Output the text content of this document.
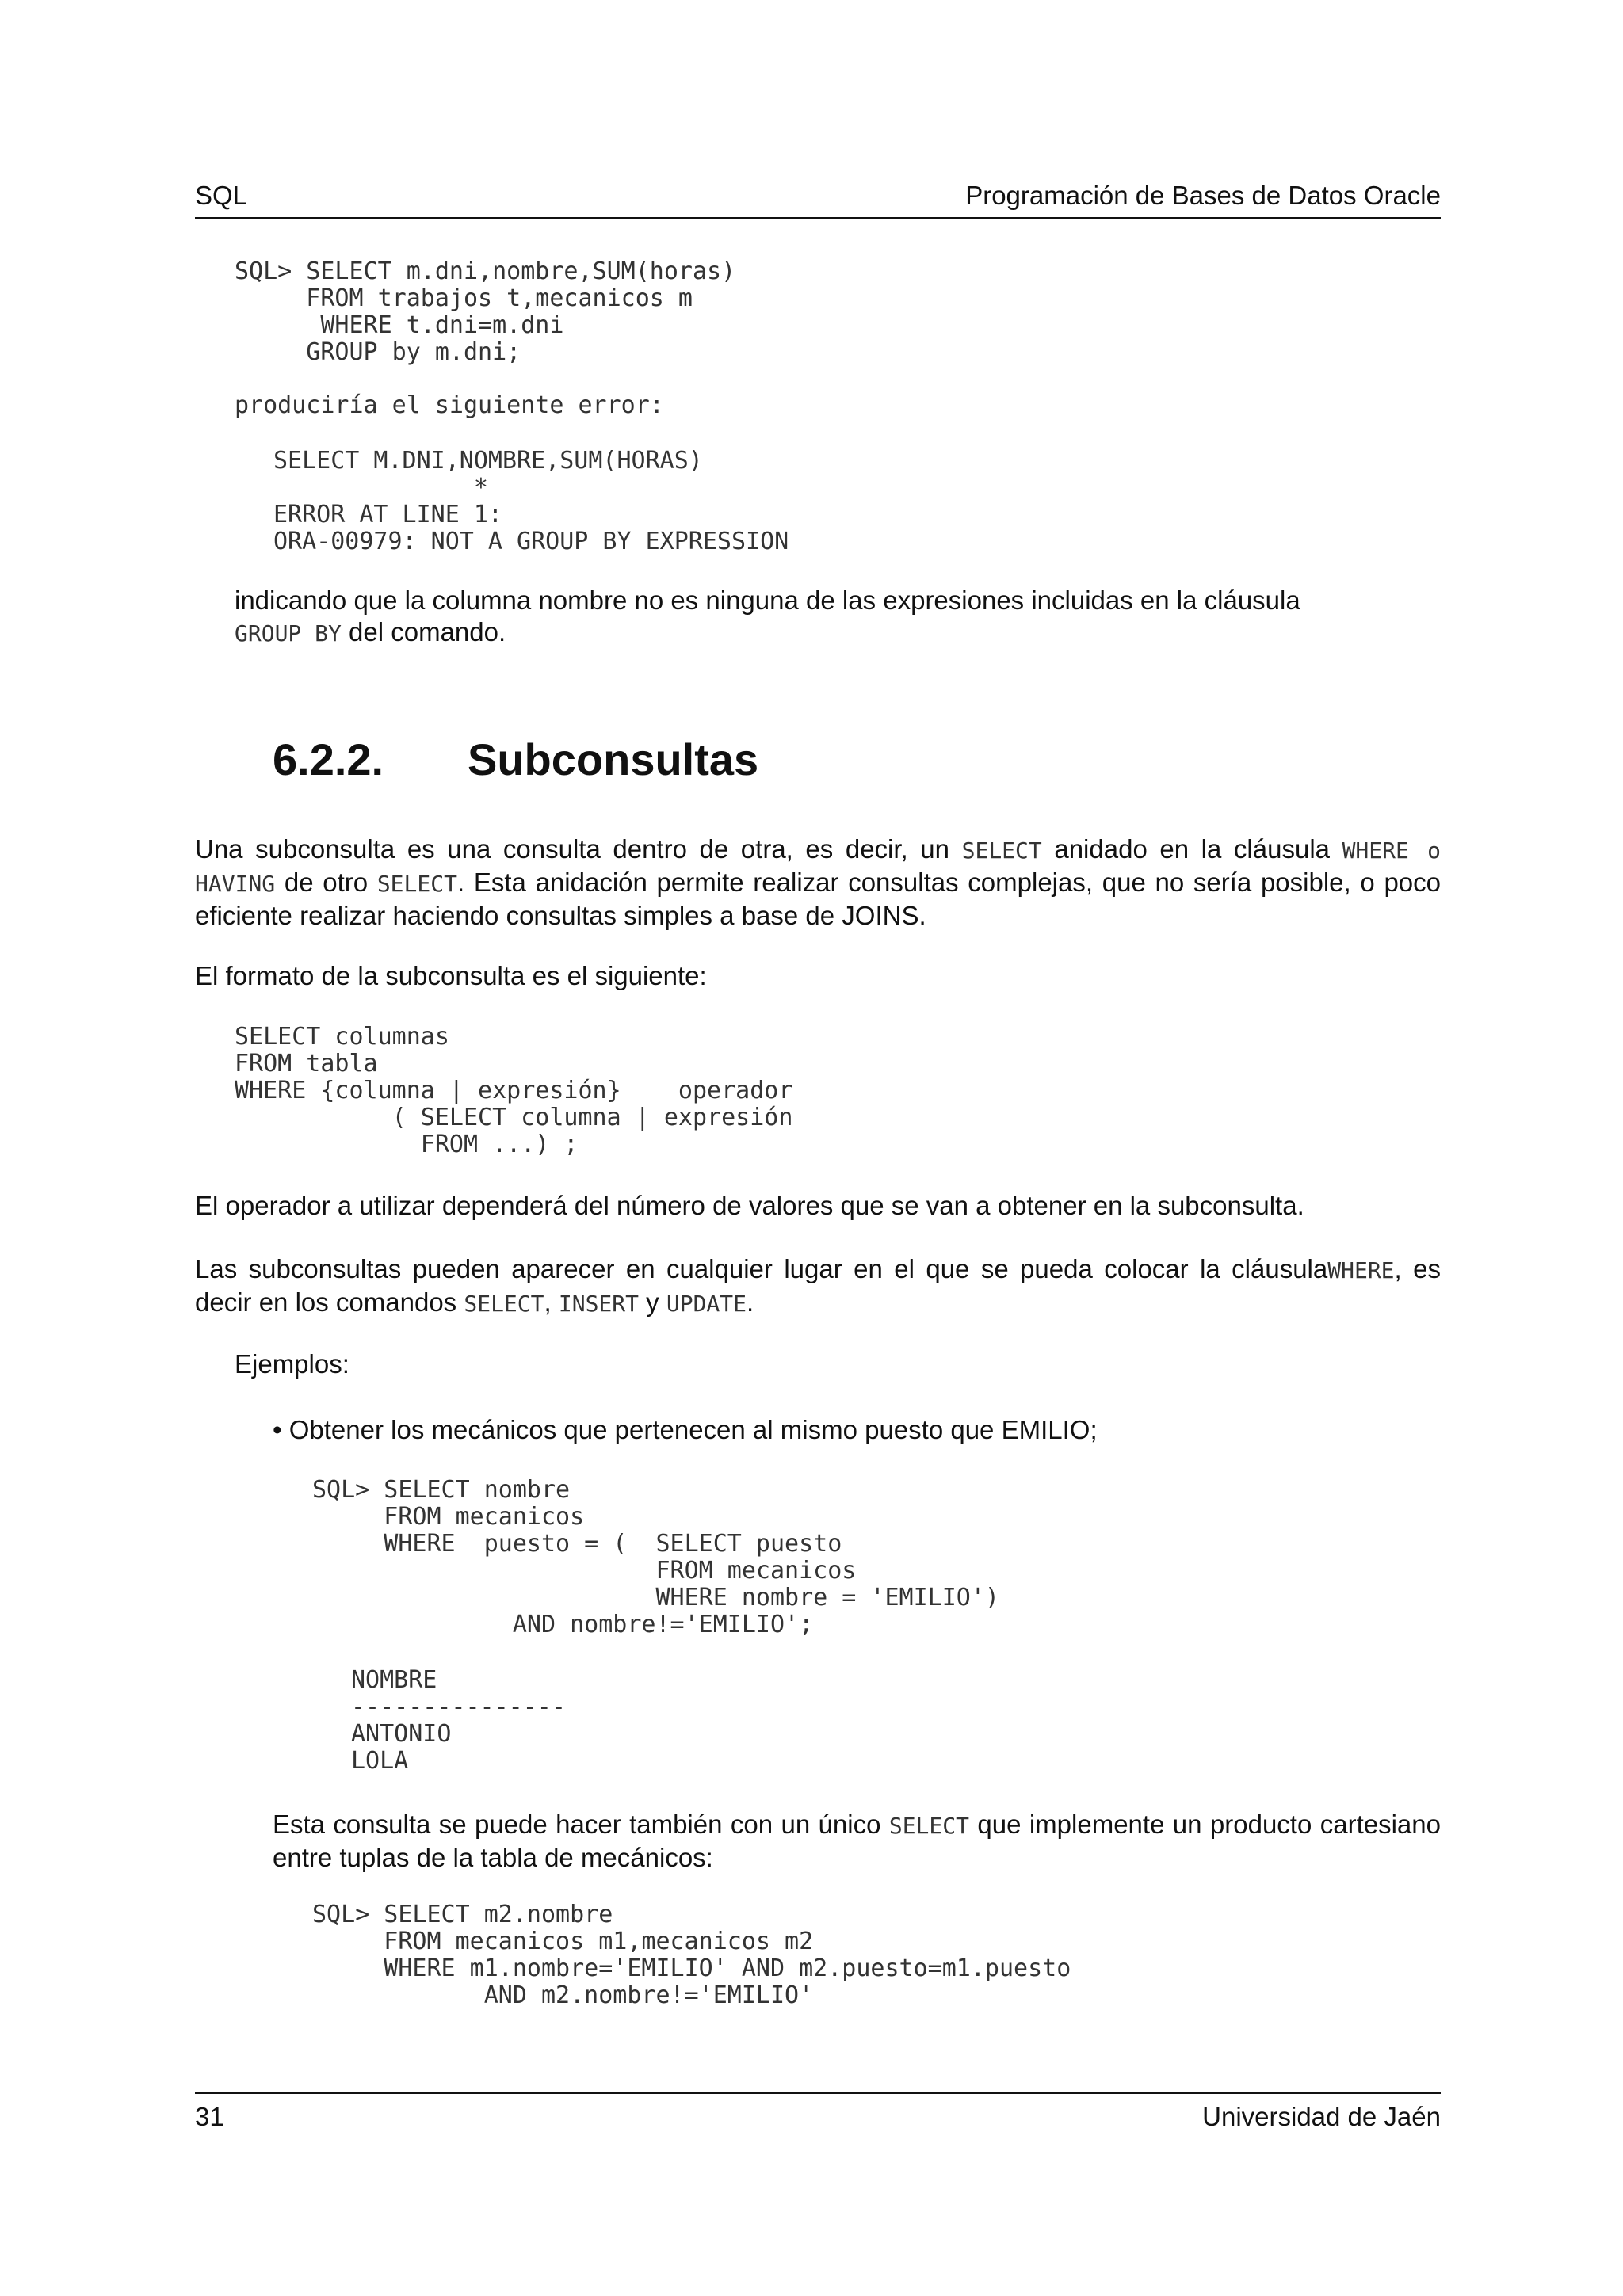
SQL	Programación de Bases de Datos Oracle
SQL> SELECT m.dni,nombre,SUM(horas)
FROM trabajos t,mecanicos m
WHERE t.dni=m.dni
GROUP by m.dni;
produciría el siguiente error:
SELECT M.DNI,NOMBRE,SUM(HORAS)
*
ERROR AT LINE 1:
ORA-00979: NOT A GROUP BY EXPRESSION
indicando que la columna nombre no es ninguna de las expresiones incluidas en la cláusula
GROUP BY del comando.
6.2.2. Subconsultas
Una subconsulta es una consulta dentro de otra, es decir, un SELECT anidado en la cláusula WHERE o HAVING de otro SELECT. Esta anidación permite realizar consultas complejas, que no sería posible, o poco eficiente realizar haciendo consultas simples a base de JOINS.
El formato de la subconsulta es el siguiente:
SELECT columnas
FROM tabla
WHERE {columna | expresión}    operador
( SELECT columna | expresión
FROM ...) ;
El operador a utilizar dependerá del número de valores que se van a obtener en la subconsulta.
Las subconsultas pueden aparecer en cualquier lugar en el que se pueda colocar la cláusulaWHERE, es decir en los comandos SELECT, INSERT y UPDATE.
Ejemplos:
• Obtener los mecánicos que pertenecen al mismo puesto que EMILIO;
SQL> SELECT nombre
FROM mecanicos
WHERE  puesto = (  SELECT puesto
FROM mecanicos
WHERE nombre = 'EMILIO')
AND nombre!='EMILIO';
NOMBRE
---------------
ANTONIO
LOLA
Esta consulta se puede hacer también con un único SELECT que implemente un producto cartesiano entre tuplas de la tabla de mecánicos:
SQL> SELECT m2.nombre
FROM mecanicos m1,mecanicos m2
WHERE m1.nombre='EMILIO' AND m2.puesto=m1.puesto
AND m2.nombre!='EMILIO'
31	Universidad de Jaén
